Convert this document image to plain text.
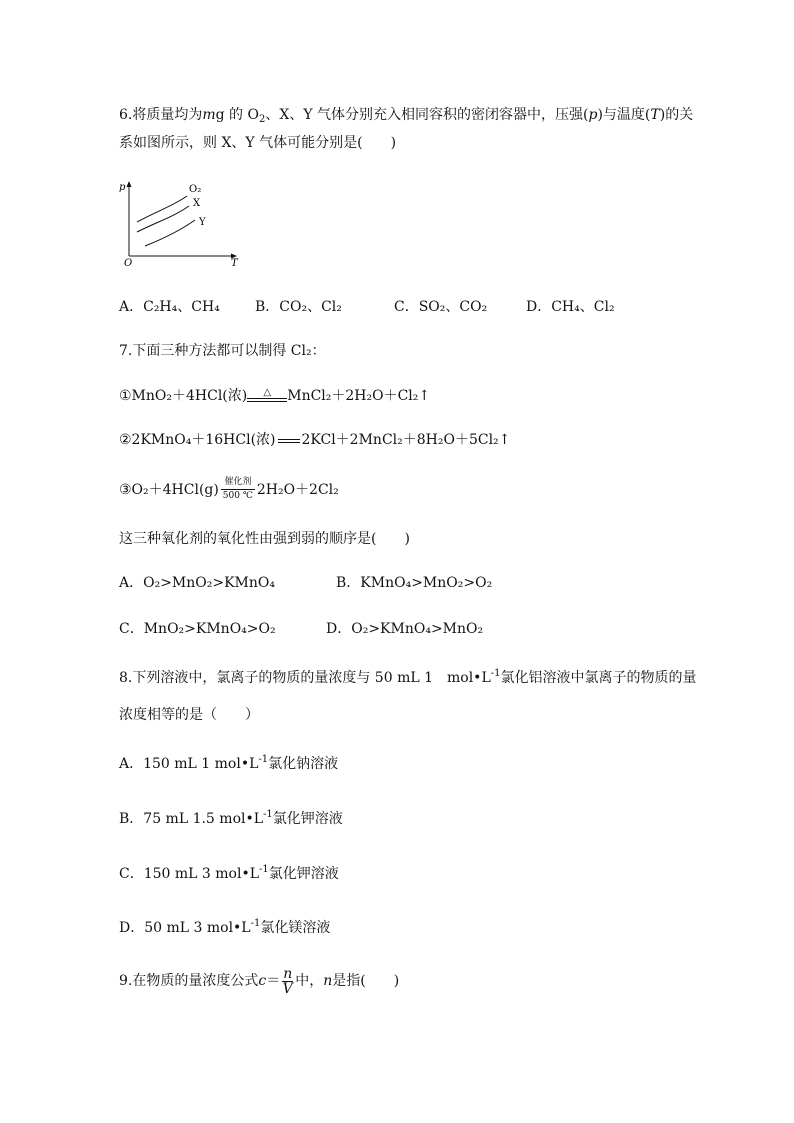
6.将质量均为mg 的 $O_2$、X、Y 气体分别充入相同容积的密闭容器中，压强(p)与温度(T)的关
系如图所示，则 X、Y 气体可能分别是(　　)
p
T
O
O₂
X
Y
A．C₂H₄、CH₄	B．CO₂、Cl₂	C．SO₂、CO₂	D．CH₄、Cl₂
7.下面三种方法都可以制得 Cl₂：
①MnO₂＋4HCl(浓)	△	MnCl₂＋2H₂O＋Cl₂↑
②2KMnO₄＋16HCl(浓) 2KCl＋2MnCl₂＋8H₂O＋5Cl₂↑
③O₂＋4HCl(g) 催化剂
500 ℃ 2H₂O＋2Cl₂
这三种氧化剂的氧化性由强到弱的顺序是(　　)
A．O₂>MnO₂>KMnO₄	B．KMnO₄>MnO₂>O₂
C．MnO₂>KMnO₄>O₂	D．O₂>KMnO₄>MnO₂
8.下列溶液中，氯离子的物质的量浓度与 50 mL 1　$mol•L^{-1}$氯化铝溶液中氯离子的物质的量
浓度相等的是（　　）
A．150 mL 1 $mol•L^{-1}$氯化钠溶液
B．75 mL 1.5 $mol•L^{-1}$氯化钾溶液
C．150 mL 3 $mol•L^{-1}$氯化钾溶液
D．50 mL 3 $mol•L^{-1}$氯化镁溶液
9.在物质的量浓度公式$c= \frac{n}{V}$ 中，n是指(　　)
